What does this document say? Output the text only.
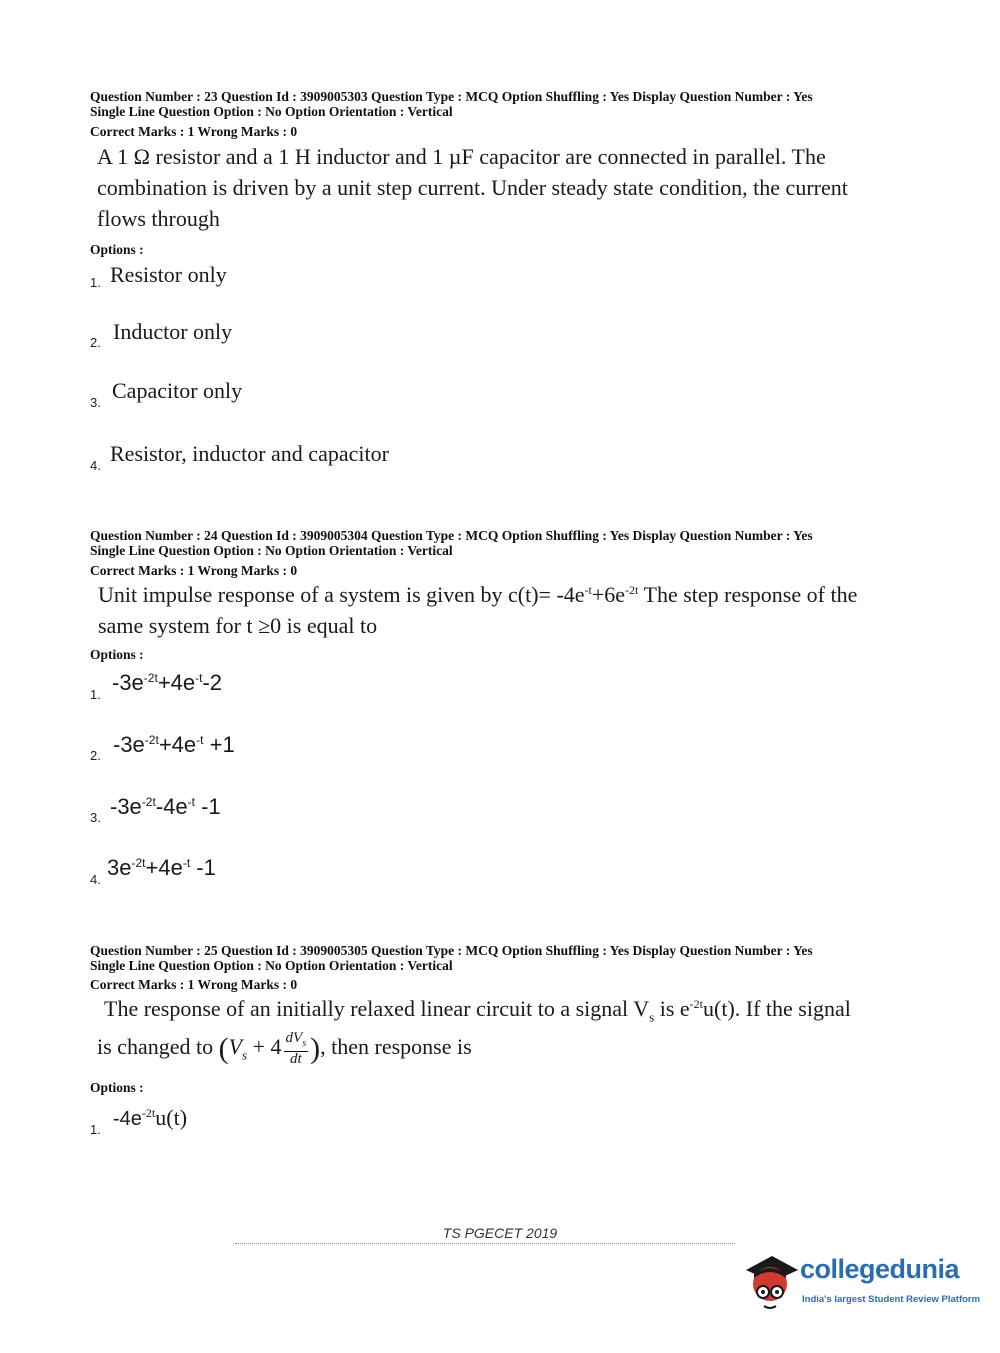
Question Number : 23 Question Id : 3909005303 Question Type : MCQ Option Shuffling : Yes Display Question Number : Yes
Single Line Question Option : No Option Orientation : Vertical
Correct Marks : 1 Wrong Marks : 0
A 1 Ω resistor and a 1 H inductor and 1 µF capacitor are connected in parallel. The
combination is driven by a unit step current. Under steady state condition, the current
flows through
Options :
1. Resistor only
2. Inductor only
3. Capacitor only
4. Resistor, inductor and capacitor
Question Number : 24 Question Id : 3909005304 Question Type : MCQ Option Shuffling : Yes Display Question Number : Yes
Single Line Question Option : No Option Orientation : Vertical
Correct Marks : 1 Wrong Marks : 0
Unit impulse response of a system is given by $c(t)= -4e^{-t}+6e^{-2t}$ The step response of the
same system for t ≥0 is equal to
Options :
1. $-3e^{-2t}+4e^{-t}-2$
2. $-3e^{-2t}+4e^{-t} +1$
3. $-3e^{-2t}-4e^{-t}$ -1
4. $3e^{-2t}+4e^{-t}$ -1
Question Number : 25 Question Id : 3909005305 Question Type : MCQ Option Shuffling : Yes Display Question Number : Yes
Single Line Question Option : No Option Orientation : Vertical
Correct Marks : 1 Wrong Marks : 0
The response of an initially relaxed linear circuit to a signal $V_s$ is $e^{-2t}u(t)$. If the signal
is changed to ($V_s + 4 \frac{dV_s}{dt}$ ), then response is
Options :
1. $-4e^{-2t}u(t)$
TS PGECET 2019
collegedunia
India's largest Student Review Platform
